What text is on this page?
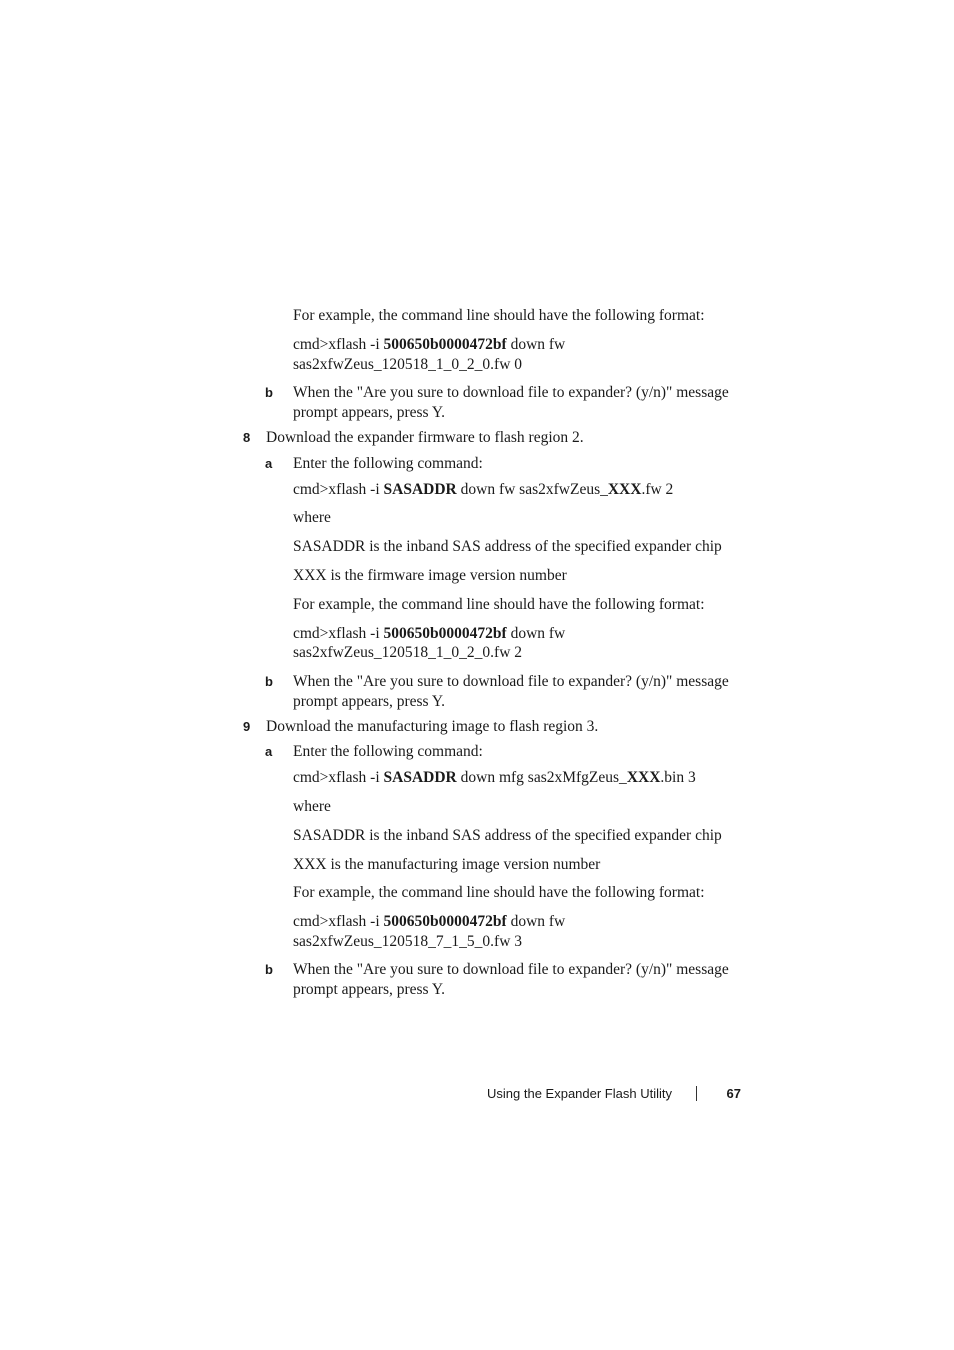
For example, the command line should have the following format:
cmd>xflash -i 500650b0000472bf down fw
sas2xfwZeus_120518_1_0_2_0.fw 0
b When the "Are you sure to download file to expander? (y/n)" message
prompt appears, press Y.
8 Download the expander firmware to flash region 2.
a Enter the following command:
cmd>xflash -i SASADDR down fw sas2xfwZeus_XXX.fw 2
where
SASADDR is the inband SAS address of the specified expander chip
XXX is the firmware image version number
For example, the command line should have the following format:
cmd>xflash -i 500650b0000472bf down fw
sas2xfwZeus_120518_1_0_2_0.fw 2
b When the "Are you sure to download file to expander? (y/n)" message
prompt appears, press Y.
9 Download the manufacturing image to flash region 3.
a Enter the following command:
cmd>xflash -i SASADDR down mfg sas2xMfgZeus_XXX.bin 3
where
SASADDR is the inband SAS address of the specified expander chip
XXX is the manufacturing image version number
For example, the command line should have the following format:
cmd>xflash -i 500650b0000472bf down fw
sas2xfwZeus_120518_7_1_5_0.fw 3
b When the "Are you sure to download file to expander? (y/n)" message
prompt appears, press Y.
Using the Expander Flash Utility	67
